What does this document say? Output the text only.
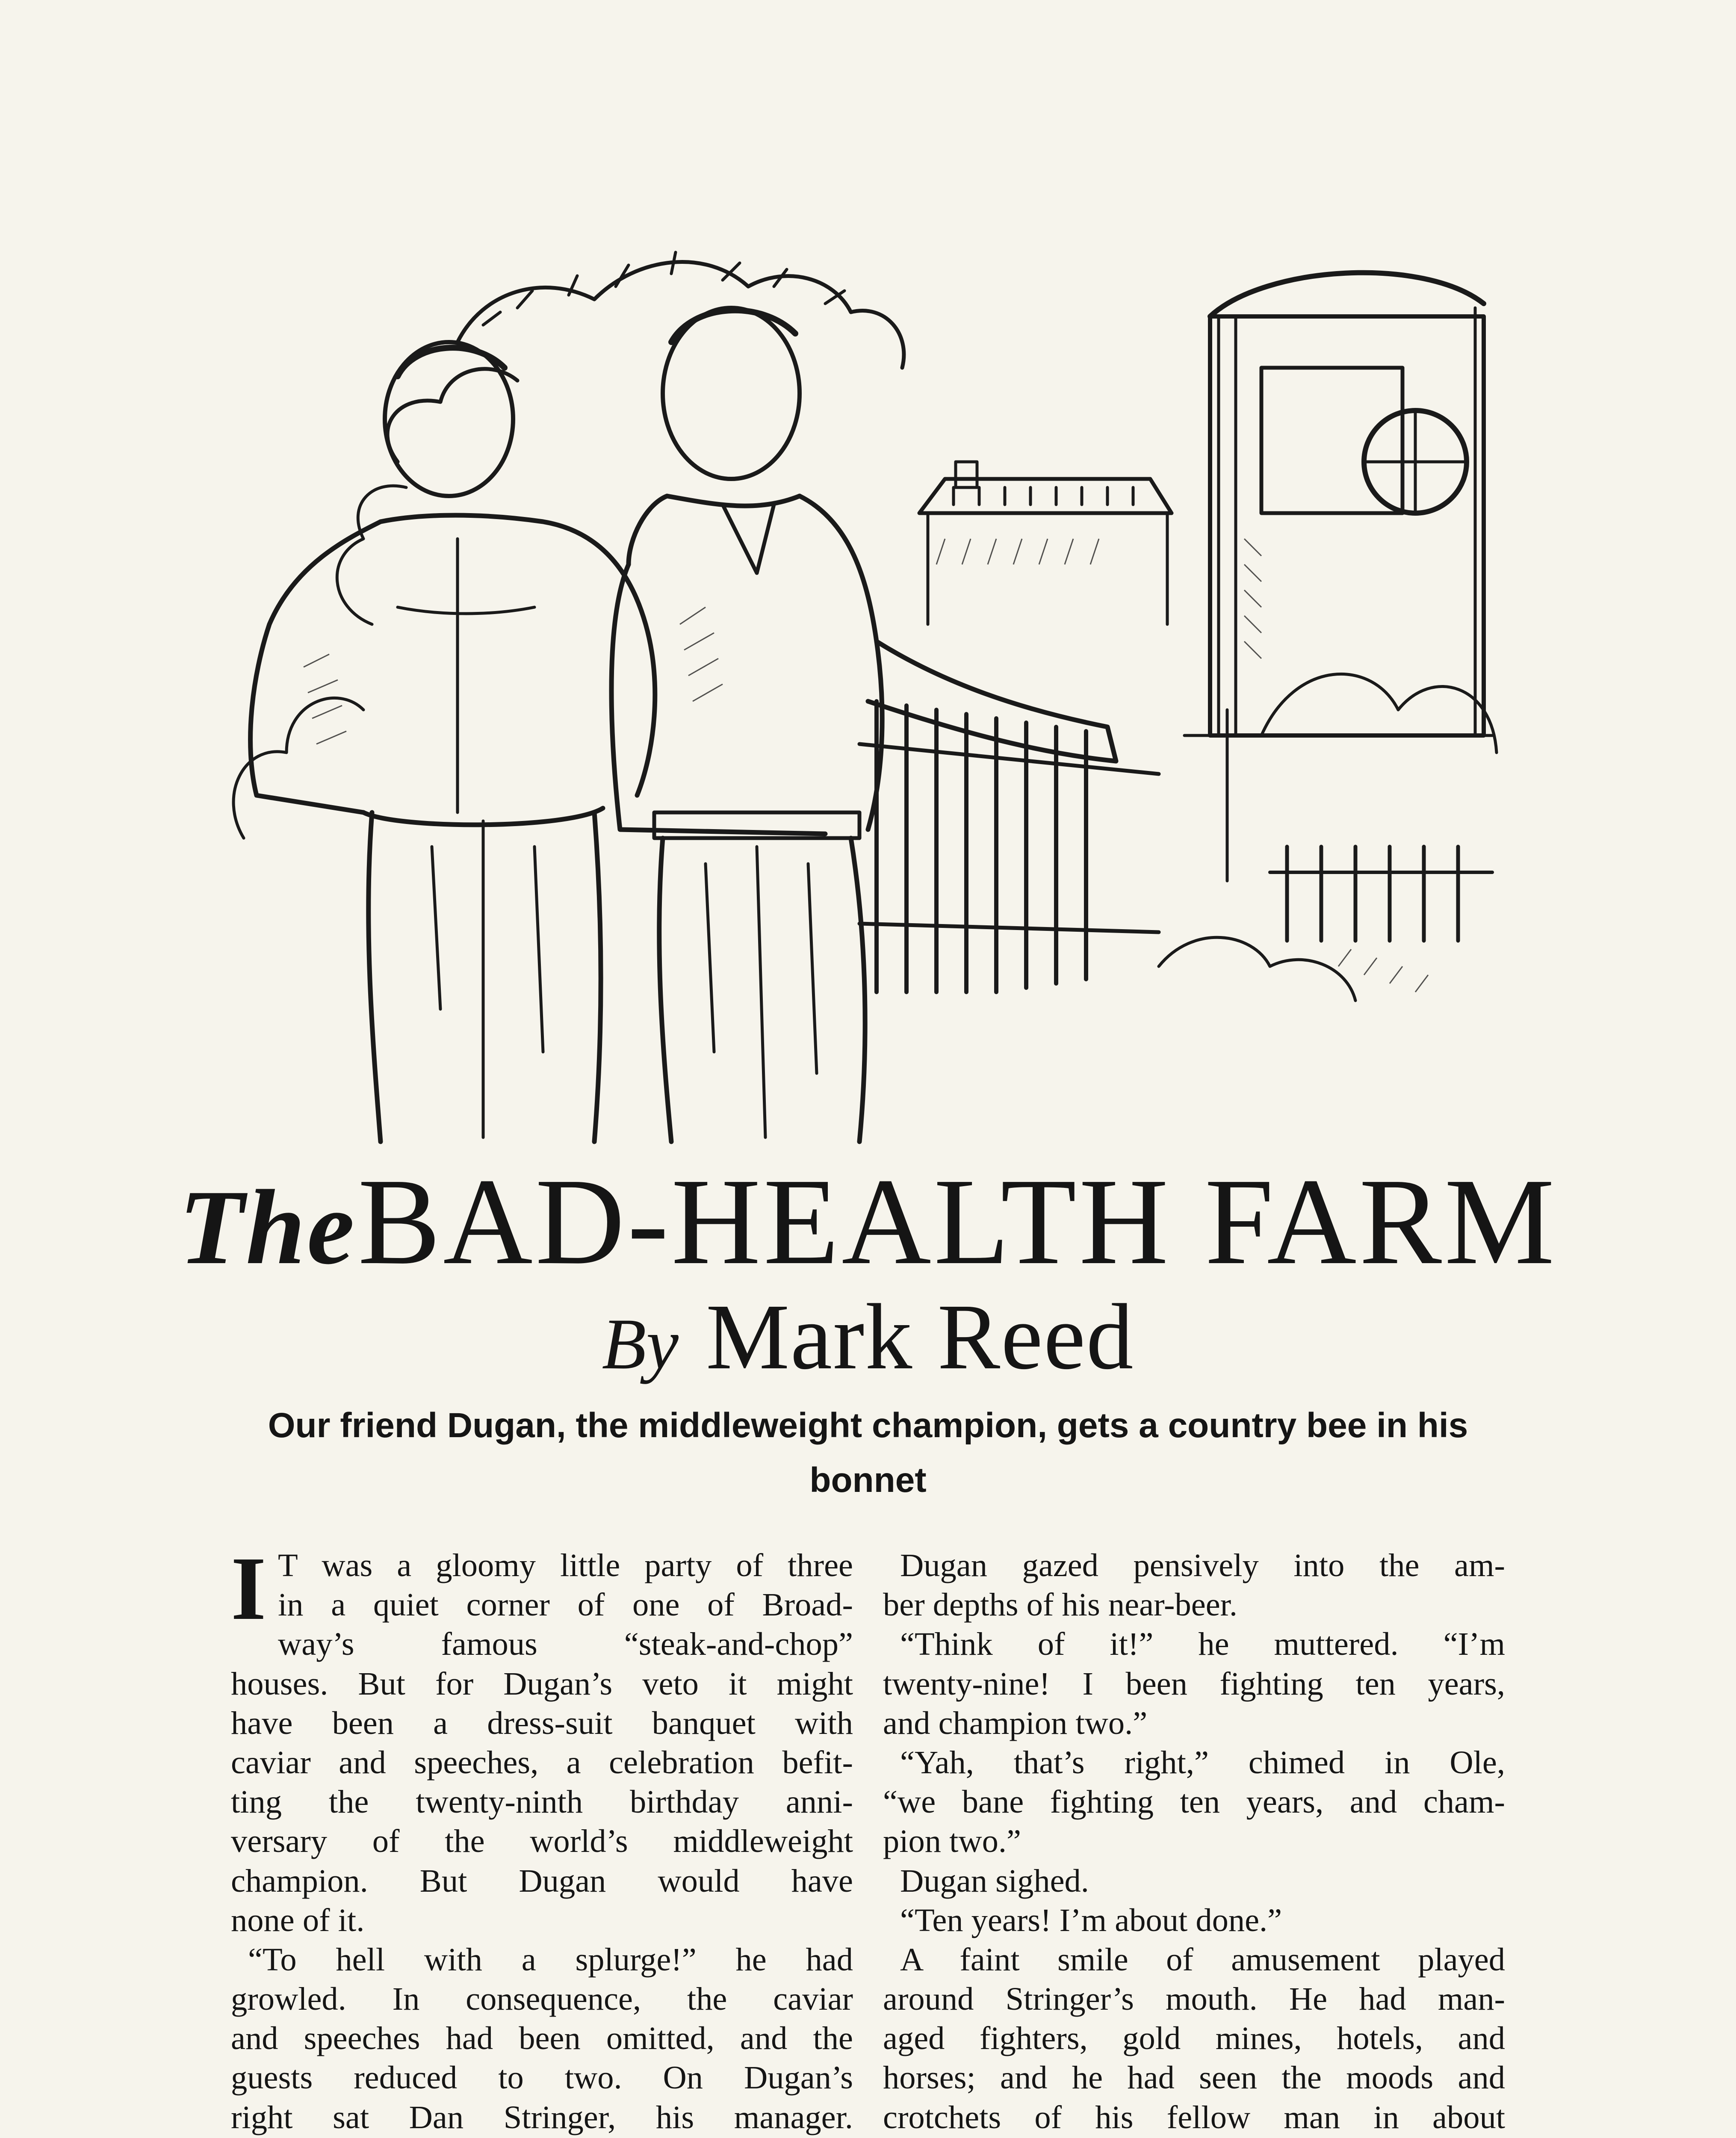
The BAD-HEALTH FARM
By Mark Reed
Our friend Dugan, the middleweight champion, gets a country bee in his bonnet
I T was a gloomy little party of three
in a quiet corner of one of Broad-
way’s famous “steak-and-chop”
houses. But for Dugan’s veto it might
have been a dress-suit banquet with
caviar and speeches, a celebration befit-
ting the twenty-ninth birthday anni-
versary of the world’s middleweight
champion. But Dugan would have
none of it.
“To hell with a splurge!” he had
growled. In consequence, the caviar
and speeches had been omitted, and the
guests reduced to two. On Dugan’s
right sat Dan Stringer, his manager.
Dugan gazed pensively into the am-
ber depths of his near-beer.
“Think of it!” he muttered. “I’m
twenty-nine! I been fighting ten years,
and champion two.”
“Yah, that’s right,” chimed in Ole,
“we bane fighting ten years, and cham-
pion two.”
Dugan sighed.
“Ten years! I’m about done.”
A faint smile of amusement played
around Stringer’s mouth. He had man-
aged fighters, gold mines, hotels, and
horses; and he had seen the moods and
crotchets of his fellow man in about
